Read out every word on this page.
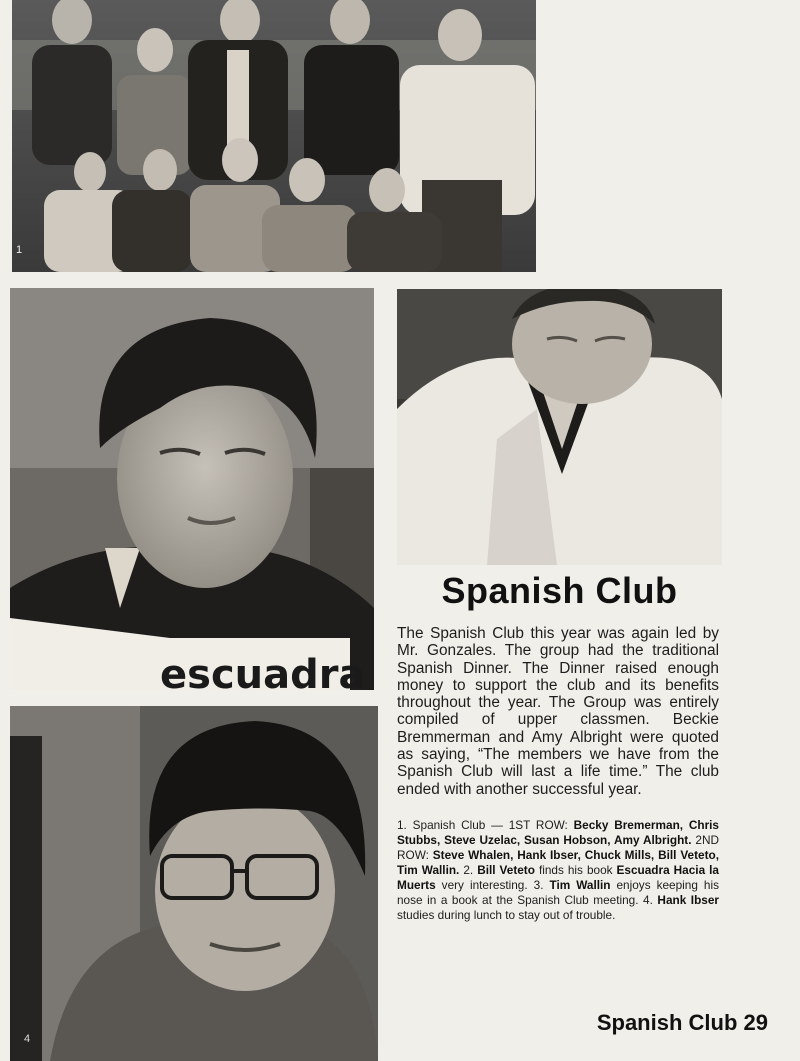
1
escuadra
4
Spanish Club

The Spanish Club this year was again led by Mr. Gonzales. The group had the traditional Spanish Dinner. The Dinner raised enough money to support the club and its benefits throughout the year. The Group was entirely compiled of upper classmen. Beckie Bremmerman and Amy Albright were quoted as saying, “The members we have from the Spanish Club will last a life time.” The club ended with another successful year.

1. Spanish Club — 1ST ROW: Becky Bremerman, Chris Stubbs, Steve Uzelac, Susan Hobson, Amy Albright. 2ND ROW: Steve Whalen, Hank Ibser, Chuck Mills, Bill Veteto, Tim Wallin. 2. Bill Veteto finds his book Escuadra Hacia la Muerts very interesting. 3. Tim Wallin enjoys keeping his nose in a book at the Spanish Club meeting. 4. Hank Ibser studies during lunch to stay out of trouble.

Spanish Club 29
